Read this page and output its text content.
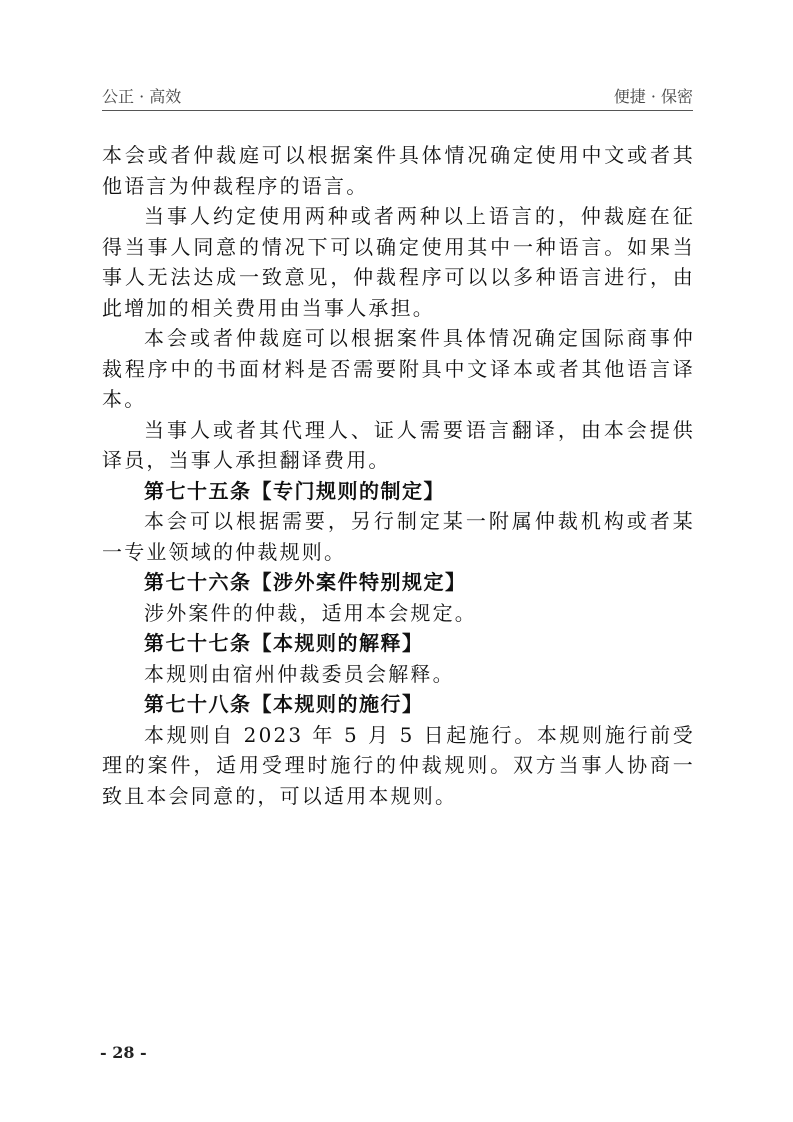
公正 · 高效	便捷 · 保密

本会或者仲裁庭可以根据案件具体情况确定使用中文或者其他语言为仲裁程序的语言。

当事人约定使用两种或者两种以上语言的，仲裁庭在征得当事人同意的情况下可以确定使用其中一种语言。如果当事人无法达成一致意见，仲裁程序可以以多种语言进行，由此增加的相关费用由当事人承担。

本会或者仲裁庭可以根据案件具体情况确定国际商事仲裁程序中的书面材料是否需要附具中文译本或者其他语言译本。

当事人或者其代理人、证人需要语言翻译，由本会提供译员，当事人承担翻译费用。

第七十五条【专门规则的制定】

本会可以根据需要，另行制定某一附属仲裁机构或者某一专业领域的仲裁规则。

第七十六条【涉外案件特别规定】

涉外案件的仲裁，适用本会规定。

第七十七条【本规则的解释】

本规则由宿州仲裁委员会解释。

第七十八条【本规则的施行】

本规则自 2023 年 5 月 5 日起施行。本规则施行前受理的案件，适用受理时施行的仲裁规则。双方当事人协商一致且本会同意的，可以适用本规则。

- 28 -
